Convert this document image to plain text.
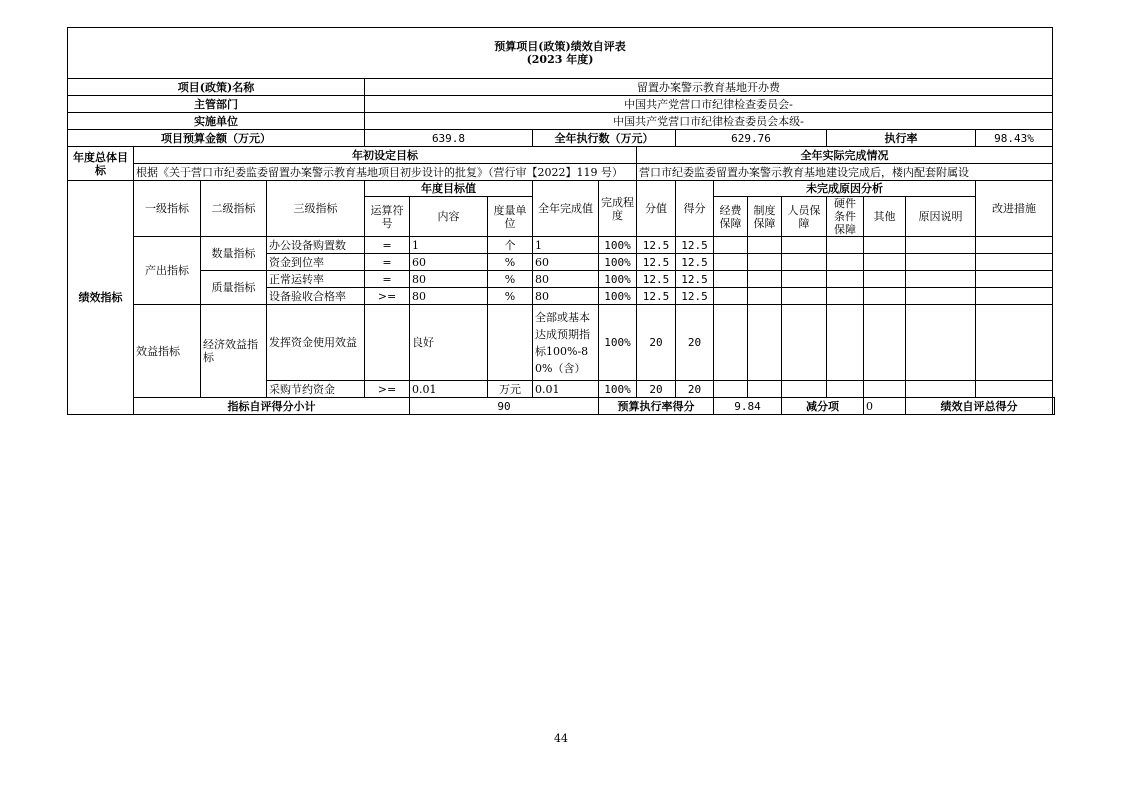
预算项目(政策)绩效自评表
(2023 年度)																		

项目(政策)名称				留置办案警示教育基地开办费														
主管部门				中国共产党营口市纪律检查委员会-														
实施单位				中国共产党营口市纪律检查委员会本级-														
项目预算金额（万元）				639.8			全年执行数（万元）			629.76				执行率			98.43%	
年度总体目标	年初设定目标								全年实际完成情况									
	根据《关于营口市纪委监委留置办案警示教育基地项目初步设计的批复》（营行审【2022】119 号）								营口市纪委监委留置办案警示教育基地建设完成后，楼内配套附属设									
绩效指标	一级指标	二级指标	三级指标	年度目标值			全年完成值	完成程度	分值	得分	未完成原因分析						改进措施	
				运算符号	内容	度量单位					经费保障	制度保障	人员保障	硬件条件保障	其他	原因说明		

	产出指标	数量指标	办公设备购置数	=	1	个	1	100%	12.5	12.5								
			资金到位率	=	60	%	60	100%	12.5	12.5								
		质量指标	正常运转率	=	80	%	80	100%	12.5	12.5								
			设备验收合格率	>=	80	%	80	100%	12.5	12.5								
	效益指标	经济效益指标	发挥资金使用效益		良好		全部或基本达成预期指标100%-80%（含）	100%	20	20								
			采购节约资金	>=	0.01	万元	0.01	100%	20	20								
	指标自评得分小计				90			预算执行率得分			9.84		减分项		0	绩效自评总得分	
44
